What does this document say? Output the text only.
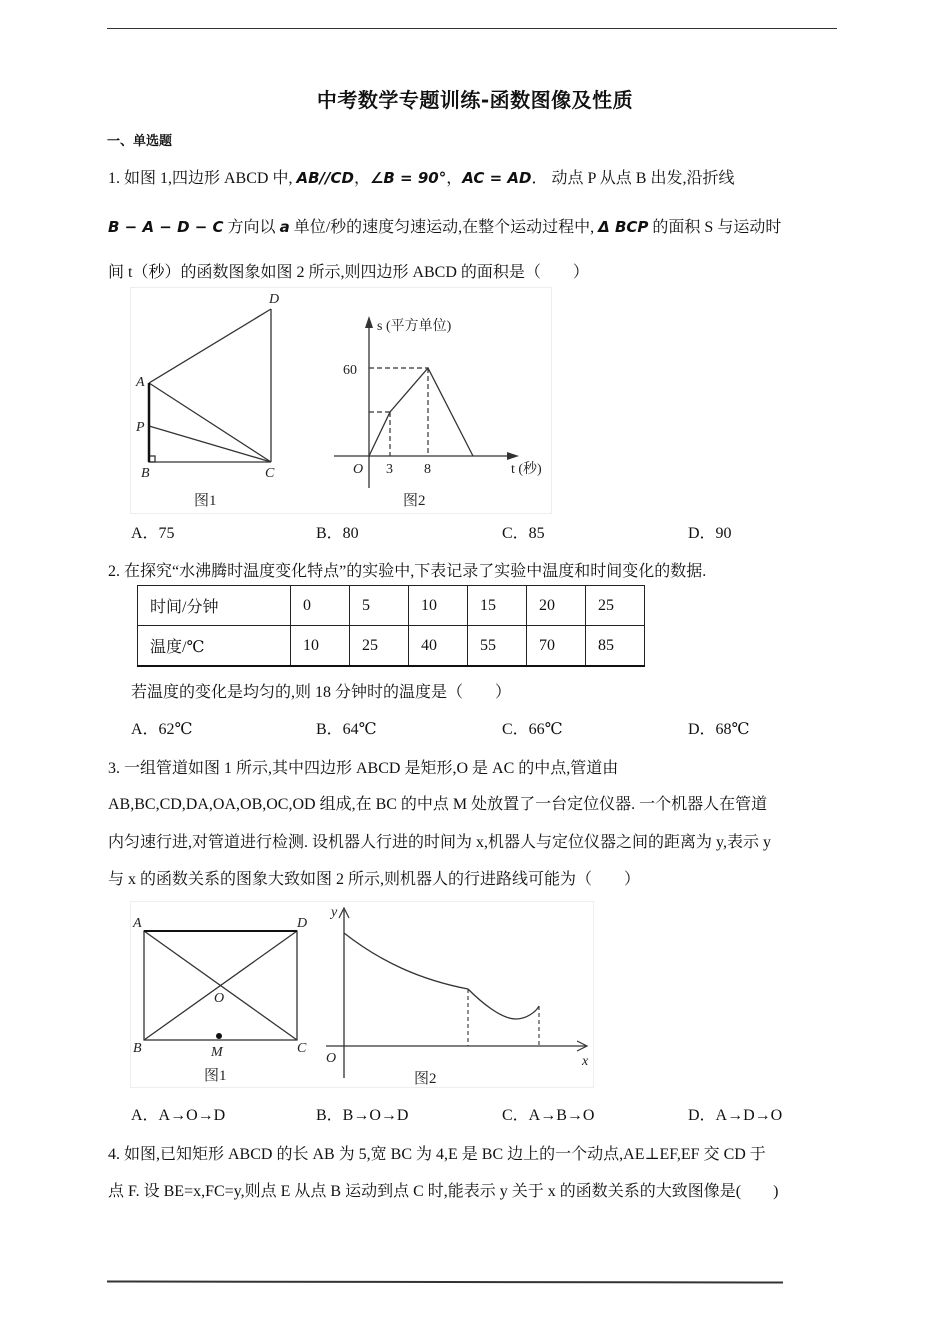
中考数学专题训练-函数图像及性质
一、单选题
1. 如图 1,四边形 ABCD 中, AB//CD，∠B = 90°，AC = AD． 动点 P 从点 B 出发,沿折线
B − A − D − C 方向以 a 单位/秒的速度匀速运动,在整个运动过程中, Δ BCP 的面积 S 与运动时
间 t（秒）的函数图象如图 2 所示,则四边形 ABCD 的面积是（　　）
D
A
P
B	C
图1
s (平方单位)
60
O 3 8	t (秒)
图2
A．75	B．80	C．85	D．90
2. 在探究“水沸腾时温度变化特点”的实验中,下表记录了实验中温度和时间变化的数据.
时间/分钟	0	5	10	15	20	25
温度/℃	10	25	40	55	70	85
若温度的变化是均匀的,则 18 分钟时的温度是（　　）
A．62℃	B．64℃	C．66℃	D．68℃
3. 一组管道如图 1 所示,其中四边形 ABCD 是矩形,O 是 AC 的中点,管道由
AB,BC,CD,DA,OA,OB,OC,OD 组成,在 BC 的中点 M 处放置了一台定位仪器. 一个机器人在管道
内匀速行进,对管道进行检测. 设机器人行进的时间为 x,机器人与定位仪器之间的距离为 y,表示 y
与 x 的函数关系的图象大致如图 2 所示,则机器人的行进路线可能为（　　）
A	D
B	C
O
M
图1
y
O	x
图2
A．A→O→D	B．B→O→D	C．A→B→O	D．A→D→O
4. 如图,已知矩形 ABCD 的长 AB 为 5,宽 BC 为 4,E 是 BC 边上的一个动点,AE⊥EF,EF 交 CD 于
点 F. 设 BE=x,FC=y,则点 E 从点 B 运动到点 C 时,能表示 y 关于 x 的函数关系的大致图像是(　　)
